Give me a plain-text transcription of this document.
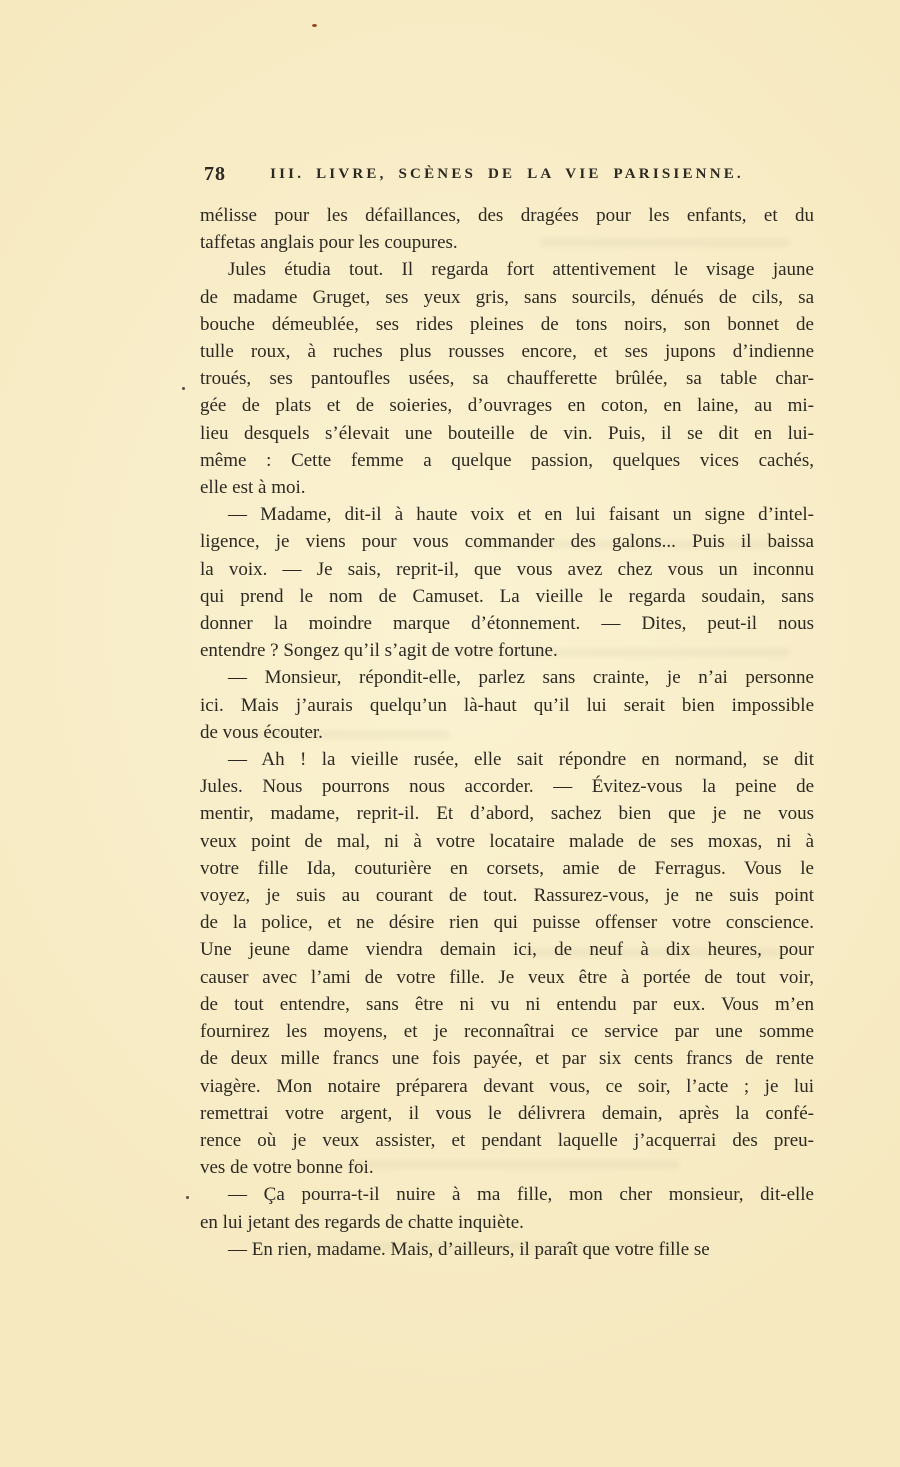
78	III. LIVRE, SCÈNES DE LA VIE PARISIENNE.
mélisse pour les défaillances, des dragées pour les enfants, et du
taffetas anglais pour les coupures.
Jules étudia tout. Il regarda fort attentivement le visage jaune
de madame Gruget, ses yeux gris, sans sourcils, dénués de cils, sa
bouche démeublée, ses rides pleines de tons noirs, son bonnet de
tulle roux, à ruches plus rousses encore, et ses jupons d’indienne
troués, ses pantoufles usées, sa chaufferette brûlée, sa table char-
gée de plats et de soieries, d’ouvrages en coton, en laine, au mi-
lieu desquels s’élevait une bouteille de vin. Puis, il se dit en lui-
même : Cette femme a quelque passion, quelques vices cachés,
elle est à moi.
— Madame, dit-il à haute voix et en lui faisant un signe d’intel-
ligence, je viens pour vous commander des galons... Puis il baissa
la voix. — Je sais, reprit-il, que vous avez chez vous un inconnu
qui prend le nom de Camuset. La vieille le regarda soudain, sans
donner la moindre marque d’étonnement. — Dites, peut-il nous
entendre ? Songez qu’il s’agit de votre fortune.
— Monsieur, répondit-elle, parlez sans crainte, je n’ai personne
ici. Mais j’aurais quelqu’un là-haut qu’il lui serait bien impossible
de vous écouter.
— Ah ! la vieille rusée, elle sait répondre en normand, se dit
Jules. Nous pourrons nous accorder. — Évitez-vous la peine de
mentir, madame, reprit-il. Et d’abord, sachez bien que je ne vous
veux point de mal, ni à votre locataire malade de ses moxas, ni à
votre fille Ida, couturière en corsets, amie de Ferragus. Vous le
voyez, je suis au courant de tout. Rassurez-vous, je ne suis point
de la police, et ne désire rien qui puisse offenser votre conscience.
Une jeune dame viendra demain ici, de neuf à dix heures, pour
causer avec l’ami de votre fille. Je veux être à portée de tout voir,
de tout entendre, sans être ni vu ni entendu par eux. Vous m’en
fournirez les moyens, et je reconnaîtrai ce service par une somme
de deux mille francs une fois payée, et par six cents francs de rente
viagère. Mon notaire préparera devant vous, ce soir, l’acte ; je lui
remettrai votre argent, il vous le délivrera demain, après la confé-
rence où je veux assister, et pendant laquelle j’acquerrai des preu-
ves de votre bonne foi.
— Ça pourra-t-il nuire à ma fille, mon cher monsieur, dit-elle
en lui jetant des regards de chatte inquiète.
— En rien, madame. Mais, d’ailleurs, il paraît que votre fille se
